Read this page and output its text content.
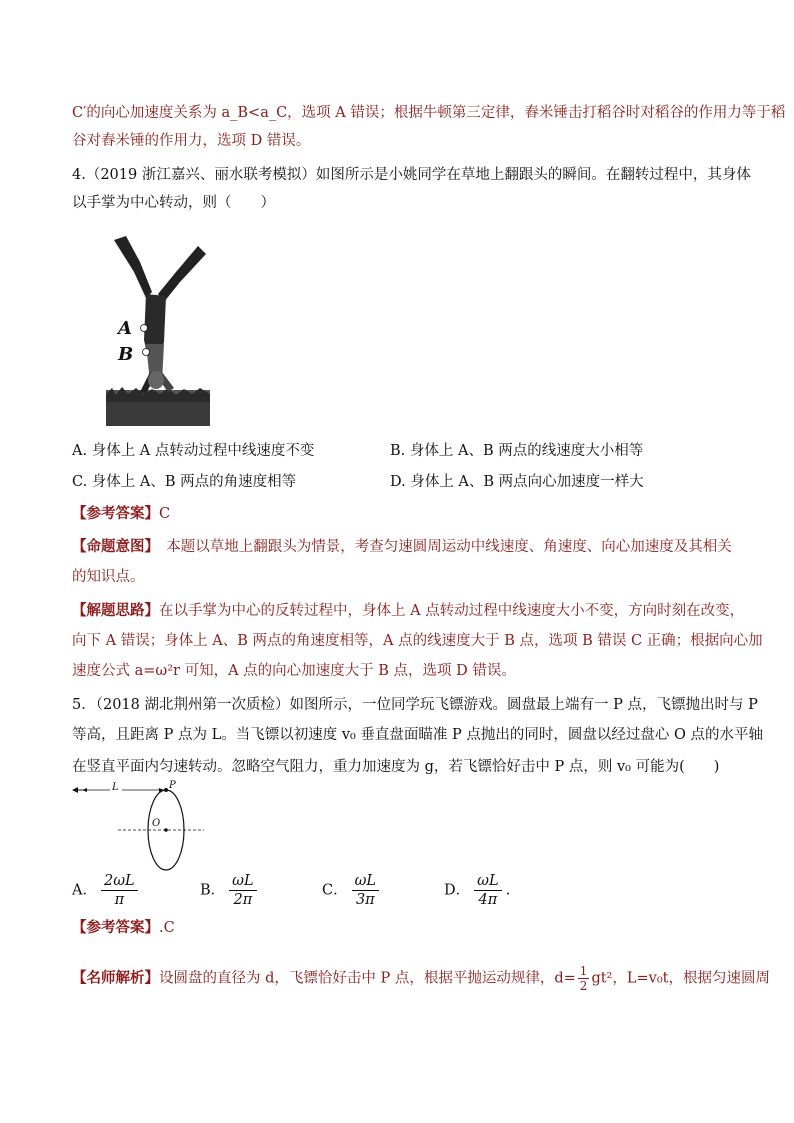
C′的向心加速度关系为 a_B<a_C，选项 A 错误；根据牛顿第三定律，舂米锤击打稻谷时对稻谷的作用力等于稻
谷对舂米锤的作用力，选项 D 错误。
4.（2019 浙江嘉兴、丽水联考模拟）如图所示是小姚同学在草地上翻跟头的瞬间。在翻转过程中，其身体
以手掌为中心转动，则（　　）
A
B
A. 身体上 A 点转动过程中线速度不变	B. 身体上 A、B 两点的线速度大小相等
C. 身体上 A、B 两点的角速度相等	D. 身体上 A、B 两点向心加速度一样大
【参考答案】C
【命题意图】　本题以草地上翻跟头为情景，考查匀速圆周运动中线速度、角速度、向心加速度及其相关
的知识点。
【解题思路】在以手掌为中心的反转过程中，身体上 A 点转动过程中线速度大小不变，方向时刻在改变，
向下 A 错误；身体上 A、B 两点的角速度相等，A 点的线速度大于 B 点，选项 B 错误 C 正确；根据向心加
速度公式 a=ω²r 可知，A 点的向心加速度大于 B 点，选项 D 错误。
5．（2018 湖北荆州第一次质检）如图所示，一位同学玩飞镖游戏。圆盘最上端有一 P 点，飞镖抛出时与 P
等高，且距离 P 点为 L。当飞镖以初速度 v₀ 垂直盘面瞄准 P 点抛出的同时，圆盘以经过盘心 O 点的水平轴
在竖直平面内匀速转动。忽略空气阻力，重力加速度为 g，若飞镖恰好击中 P 点，则 v₀ 可能为(　　)
L	P
O
A． $\frac{2\omega L}{\pi}$	B． $\frac{\omega L}{2\pi}$	C． $\frac{\omega L}{3\pi}$	D． $\frac{\omega L}{4\pi}$ .
【参考答案】.C
【名师解析】设圆盘的直径为 d，飞镖恰好击中 P 点，根据平抛运动规律，$d= \frac{1}{2} gt^2$，L=v₀t，根据匀速圆周
